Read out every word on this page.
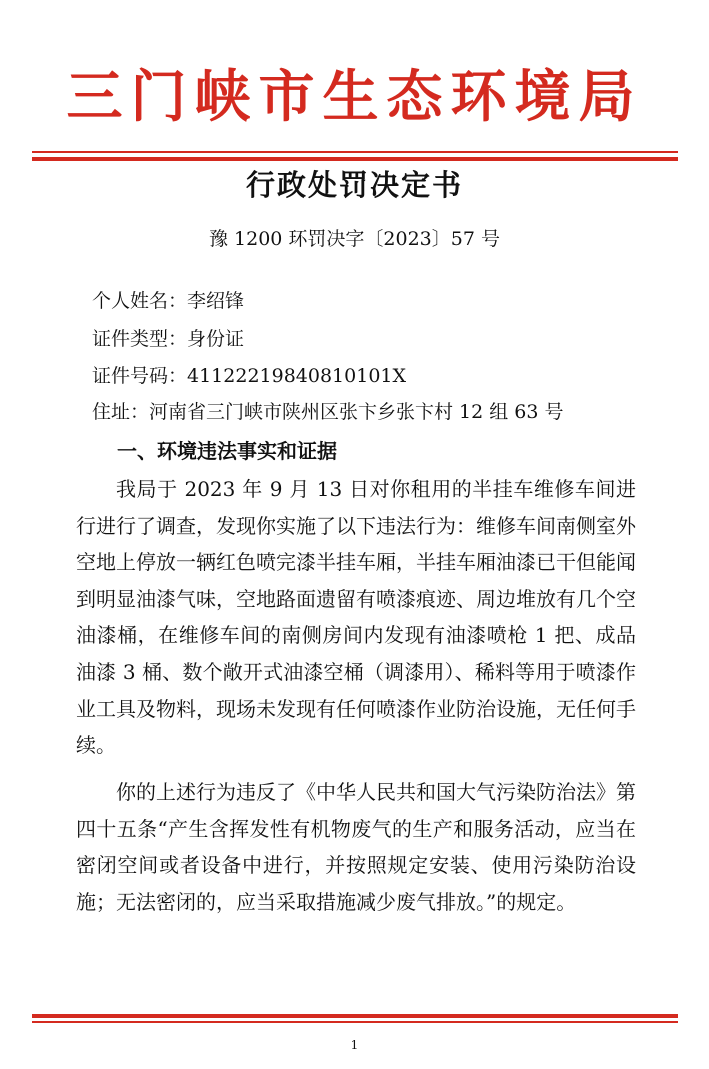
三门峡市生态环境局
行政处罚决定书
豫 1200 环罚决字〔2023〕57 号
个人姓名：李绍锋
证件类型：身份证
证件号码：41122219840810101X
住址：河南省三门峡市陕州区张卞乡张卞村 12 组 63 号
一、环境违法事实和证据
我局于 2023 年 9 月 13 日对你租用的半挂车维修车间进行进行了调查，发现你实施了以下违法行为：维修车间南侧室外空地上停放一辆红色喷完漆半挂车厢，半挂车厢油漆已干但能闻到明显油漆气味，空地路面遗留有喷漆痕迹、周边堆放有几个空油漆桶，在维修车间的南侧房间内发现有油漆喷枪 1 把、成品油漆 3 桶、数个敞开式油漆空桶（调漆用）、稀料等用于喷漆作业工具及物料，现场未发现有任何喷漆作业防治设施，无任何手续。
你的上述行为违反了《中华人民共和国大气污染防治法》第四十五条“产生含挥发性有机物废气的生产和服务活动，应当在密闭空间或者设备中进行，并按照规定安装、使用污染防治设施；无法密闭的，应当采取措施减少废气排放。”的规定。
1
